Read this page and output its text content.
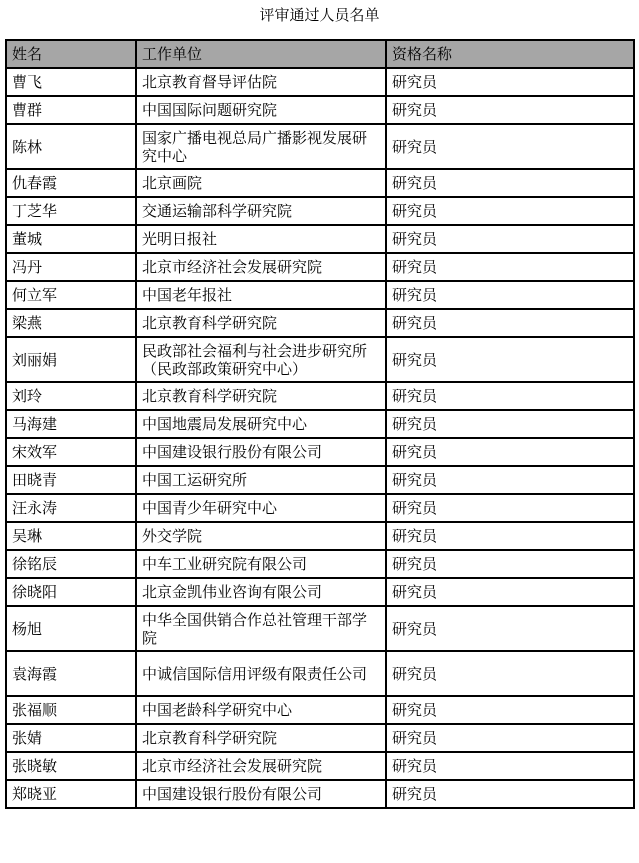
评审通过人员名单
姓名	工作单位	资格名称
曹飞	北京教育督导评估院	研究员
曹群	中国国际问题研究院	研究员
陈林	国家广播电视总局广播影视发展研究中心	研究员
仇春霞	北京画院	研究员
丁芝华	交通运输部科学研究院	研究员
董城	光明日报社	研究员
冯丹	北京市经济社会发展研究院	研究员
何立军	中国老年报社	研究员
梁燕	北京教育科学研究院	研究员
刘丽娟	民政部社会福利与社会进步研究所（民政部政策研究中心）	研究员
刘玲	北京教育科学研究院	研究员
马海建	中国地震局发展研究中心	研究员
宋效军	中国建设银行股份有限公司	研究员
田晓青	中国工运研究所	研究员
汪永涛	中国青少年研究中心	研究员
吴琳	外交学院	研究员
徐铭辰	中车工业研究院有限公司	研究员
徐晓阳	北京金凯伟业咨询有限公司	研究员
杨旭	中华全国供销合作总社管理干部学院	研究员
袁海霞	中诚信国际信用评级有限责任公司	研究员
张福顺	中国老龄科学研究中心	研究员
张婧	北京教育科学研究院	研究员
张晓敏	北京市经济社会发展研究院	研究员
郑晓亚	中国建设银行股份有限公司	研究员
